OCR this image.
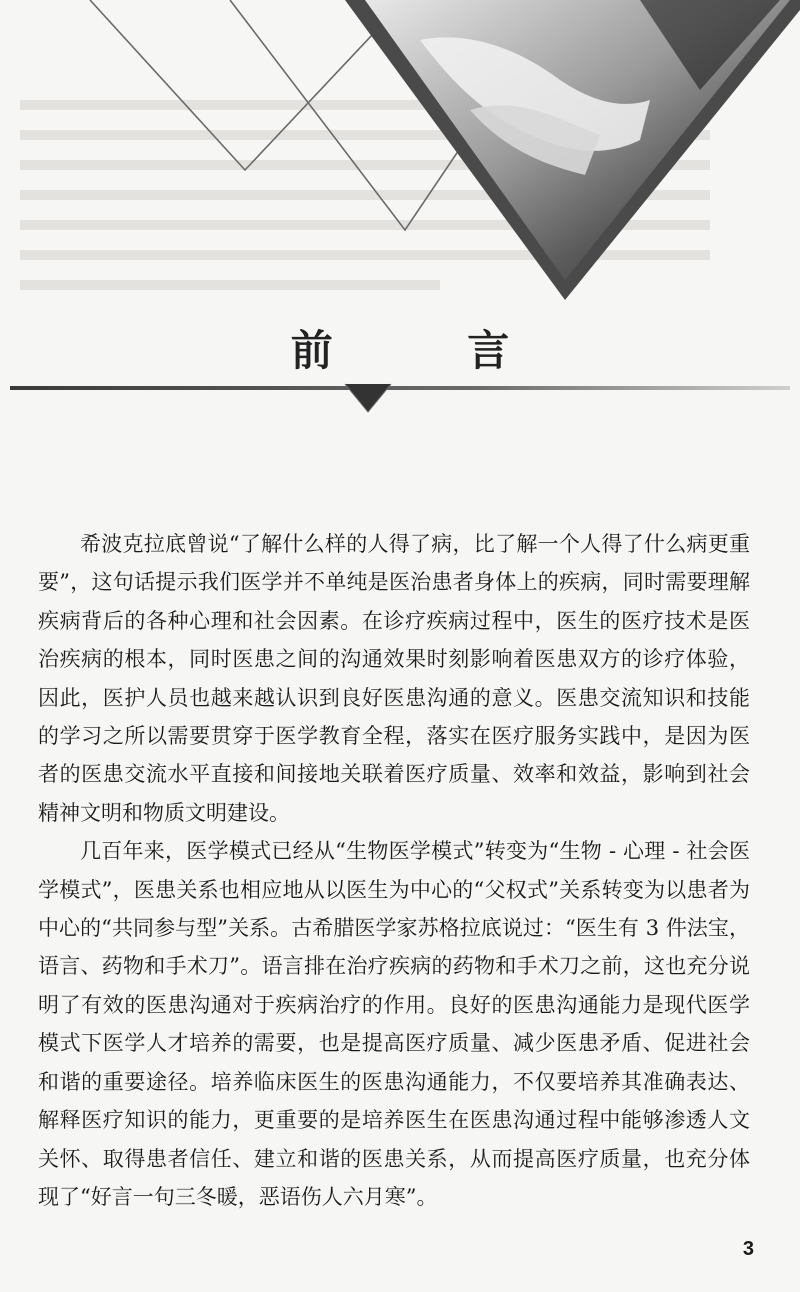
前 言

希波克拉底曾说“了解什么样的人得了病，比了解一个人得了什么病更重要”，这句话提示我们医学并不单纯是医治患者身体上的疾病，同时需要理解疾病背后的各种心理和社会因素。在诊疗疾病过程中，医生的医疗技术是医治疾病的根本，同时医患之间的沟通效果时刻影响着医患双方的诊疗体验，因此，医护人员也越来越认识到良好医患沟通的意义。医患交流知识和技能的学习之所以需要贯穿于医学教育全程，落实在医疗服务实践中，是因为医者的医患交流水平直接和间接地关联着医疗质量、效率和效益，影响到社会精神文明和物质文明建设。

几百年来，医学模式已经从“生物医学模式”转变为“生物 - 心理 - 社会医学模式”，医患关系也相应地从以医生为中心的“父权式”关系转变为以患者为中心的“共同参与型”关系。古希腊医学家苏格拉底说过：“医生有 3 件法宝，语言、药物和手术刀”。语言排在治疗疾病的药物和手术刀之前，这也充分说明了有效的医患沟通对于疾病治疗的作用。良好的医患沟通能力是现代医学模式下医学人才培养的需要，也是提高医疗质量、减少医患矛盾、促进社会和谐的重要途径。培养临床医生的医患沟通能力，不仅要培养其准确表达、解释医疗知识的能力，更重要的是培养医生在医患沟通过程中能够渗透人文关怀、取得患者信任、建立和谐的医患关系，从而提高医疗质量，也充分体现了“好言一句三冬暖，恶语伤人六月寒”。

3
